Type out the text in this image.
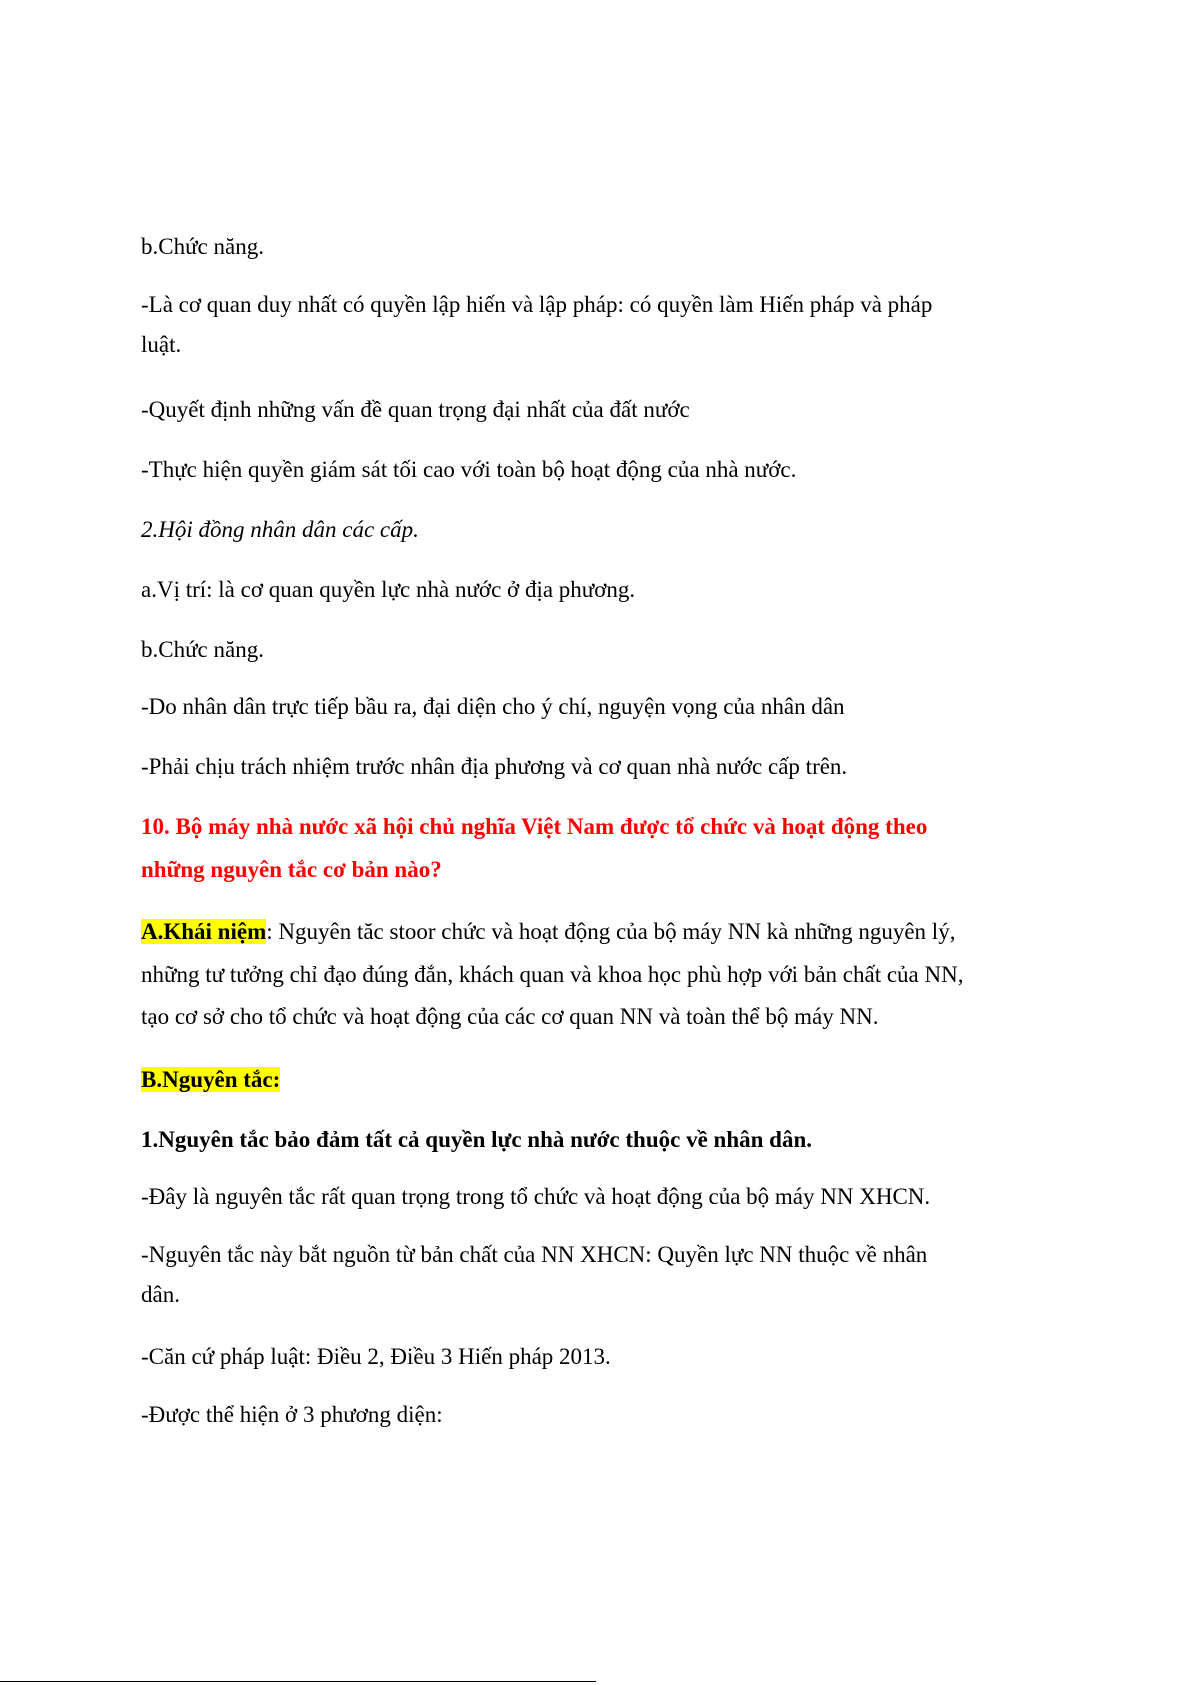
b.Chức năng.
-Là cơ quan duy nhất có quyền lập hiến và lập pháp: có quyền làm Hiến pháp và pháp
luật.
-Quyết định những vấn đề quan trọng đại nhất của đất nước
-Thực hiện quyền giám sát tối cao với toàn bộ hoạt động của nhà nước.
2.Hội đồng nhân dân các cấp.
a.Vị trí: là cơ quan quyền lực nhà nước ở địa phương.
b.Chức năng.
-Do nhân dân trực tiếp bầu ra, đại diện cho ý chí, nguyện vọng của nhân dân
-Phải chịu trách nhiệm trước nhân địa phương và cơ quan nhà nước cấp trên.
10. Bộ máy nhà nước xã hội chủ nghĩa Việt Nam được tổ chức và hoạt động theo
những nguyên tắc cơ bản nào?
A.Khái niệm: Nguyên tăc stoor chức và hoạt động của bộ máy NN kà những nguyên lý,
những tư tưởng chỉ đạo đúng đắn, khách quan và khoa học phù hợp với bản chất của NN,
tạo cơ sở cho tổ chức và hoạt động của các cơ quan NN và toàn thể bộ máy NN.
B.Nguyên tắc:
1.Nguyên tắc bảo đảm tất cả quyền lực nhà nước thuộc về nhân dân.
-Đây là nguyên tắc rất quan trọng trong tổ chức và hoạt động của bộ máy NN XHCN.
-Nguyên tắc này bắt nguồn từ bản chất của NN XHCN: Quyền lực NN thuộc về nhân
dân.
-Căn cứ pháp luật: Điều 2, Điều 3 Hiến pháp 2013.
-Được thể hiện ở 3 phương diện:
